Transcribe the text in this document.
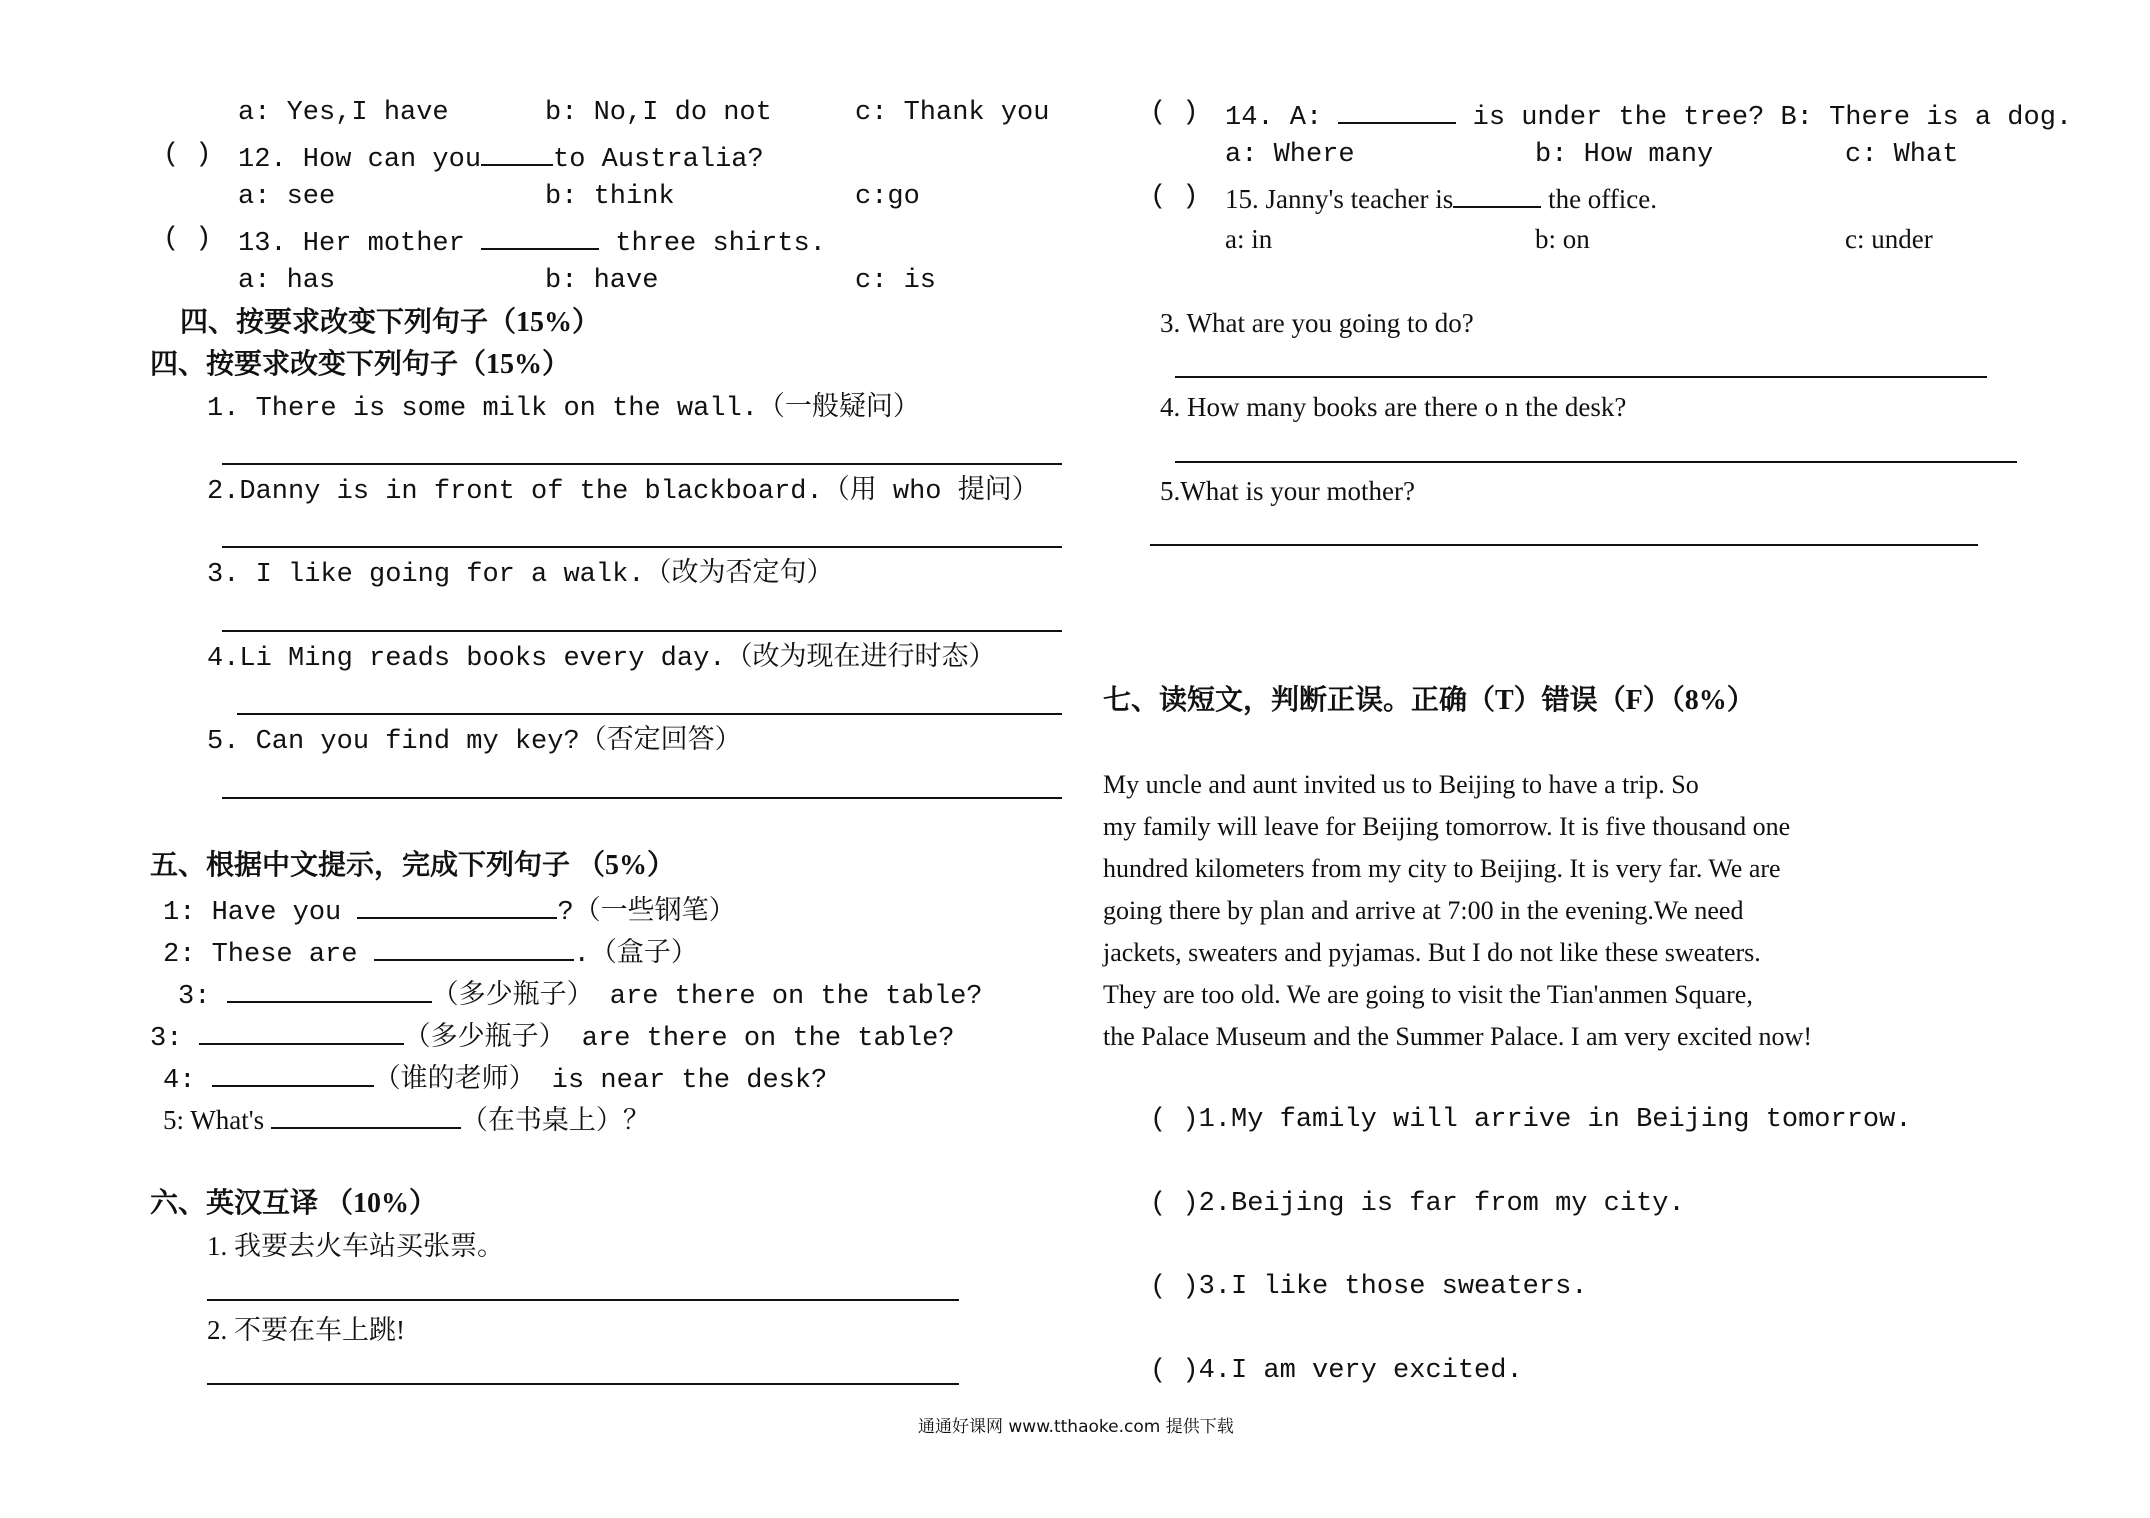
a: Yes,I have	b: No,I do not	c: Thank you
( ) 12. How can you	to Australia?
a: see	b: think	c:go
( ) 13. Her mother	three shirts.
a: has	b: have	c: is
四、按要求改变下列句子（15%）
四、按要求改变下列句子（15%）
1. There is some milk on the wall.（一般疑问）
2.Danny is in front of the blackboard.（用 who 提问）
3. I like going for a walk.（改为否定句）
4.Li Ming reads books every day.（改为现在进行时态）
5. Can you find my key?（否定回答）
五、根据中文提示，完成下列句子 （5%）
1: Have you	?（一些钢笔）
2: These are	.（盒子）
3:	（多少瓶子） are there on the table?
3:	（多少瓶子） are there on the table?
4:	（谁的老师） is near the desk?
5: What's	（在书桌上）？
六、英汉互译 （10%）
1. 我要去火车站买张票。
2. 不要在车上跳!
( ) 14. A:	is under the tree? B: There is a dog.
a: Where	b: How many	c: What
( ) 15. Janny's teacher is	the office.
a: in	b: on	c: under
3. What are you going to do?
4. How many books are there o n the desk?
5.What is your mother?
七、读短文，判断正误。正确（T）错误（F）（8%）
My uncle and aunt invited us to Beijing to have a trip. So
my family will leave for Beijing tomorrow. It is five thousand one
hundred kilometers from my city to Beijing. It is very far. We are
going there by plan and arrive at 7:00 in the evening.We need
jackets, sweaters and pyjamas. But I do not like these sweaters.
They are too old. We are going to visit the Tian'anmen Square,
the Palace Museum and the Summer Palace. I am very excited now!
( )1.My family will arrive in Beijing tomorrow.
( )2.Beijing is far from my city.
( )3.I like those sweaters.
( )4.I am very excited.
通通好课网 www.tthaoke.com 提供下载
